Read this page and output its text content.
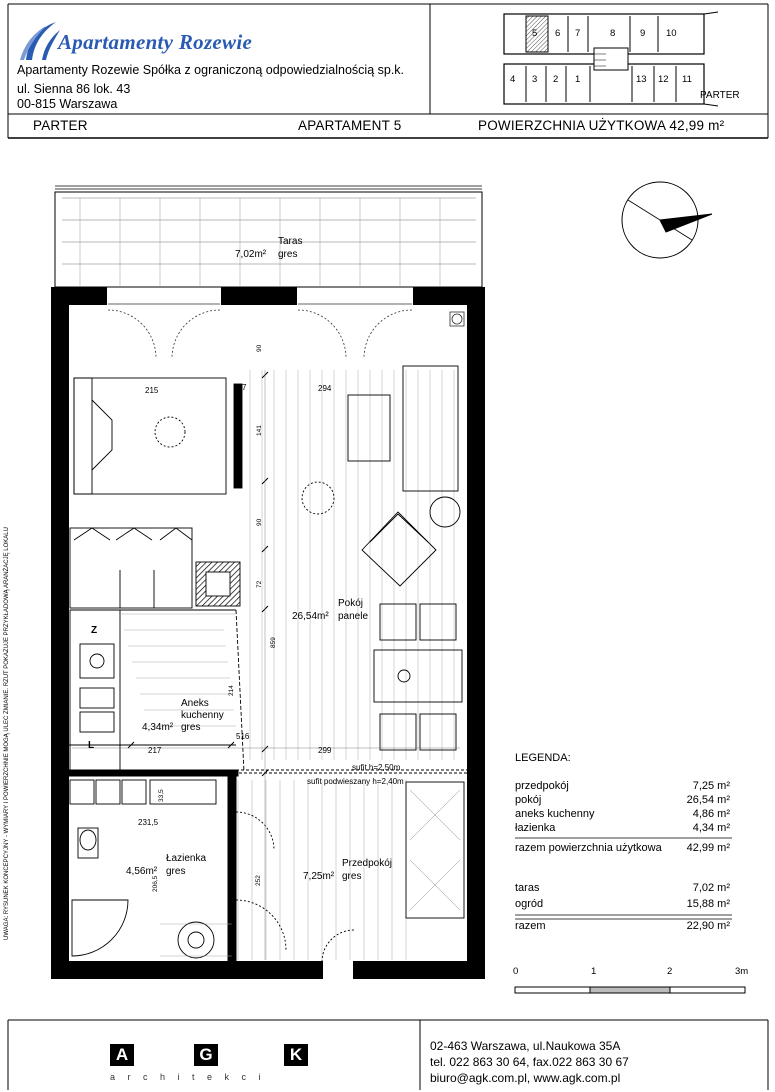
Apartamenty Rozewie
Apartamenty Rozewie Spółka z ograniczoną odpowiedzialnością sp.k.
ul. Sienna 86 lok. 43
00-815 Warszawa
5 6 7	8	9 10
4 3 2 1	13 12 11
PARTER
PARTER	APARTAMENT 5	POWIERZCHNIA UŻYTKOWA 42,99 m²
Taras
7,02m² gres
Pokój
26,54m² panele
Aneks
kuchenny
4,34m² gres
Łazienka
4,56m² gres
Przedpokój
7,25m² gres
215	7	294
90
141
90
72
859
214
516
217	299
231,5
206,5	252
33,5
sufit h=2,50m
sufit podwieszany h=2,40m
Z
L
LEGENDA:
przedpokój	7,25 m²
pokój	26,54 m²
aneks kuchenny	4,86 m²
łazienka	4,34 m²
razem powierzchnia użytkowa 42,99 m²
taras	7,02 m²
ogród	15,88 m²
razem	22,90 m²
0	1	2	3m
UWAGA: RYSUNEK KONCEPCYJNY - WYMIARY I POWIERZCHNIE MOGĄ ULEC ZMIANIE. RZUT POKAZUJE PRZYKŁADOWĄ ARANŻACJĘ LOKALU
A	G	K
a r c h i t e k c i
02-463 Warszawa, ul.Naukowa 35A
tel. 022 863 30 64, fax.022 863 30 67
biuro@agk.com.pl, www.agk.com.pl
